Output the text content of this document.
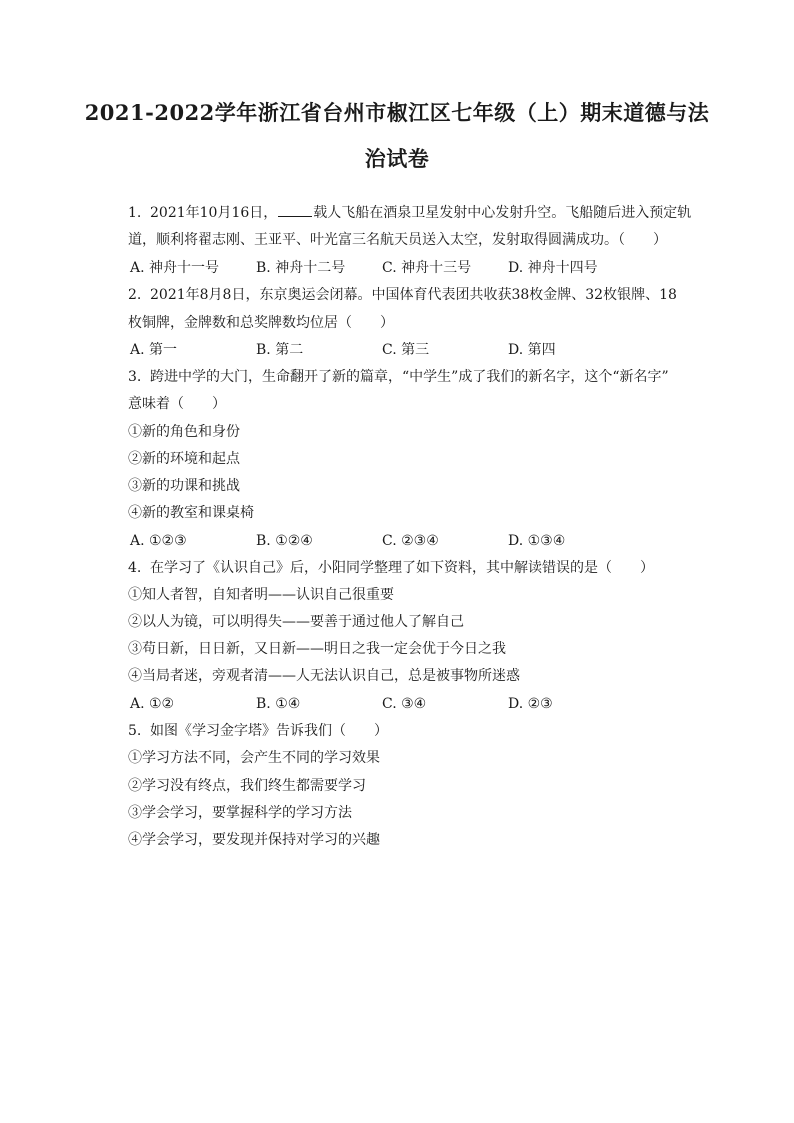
2021-2022学年浙江省台州市椒江区七年级（上）期末道德与法
治试卷
1. 2021年10月16日，	载人飞船在酒泉卫星发射中心发射升空。飞船随后进入预定轨
道，顺利将翟志刚、王亚平、叶光富三名航天员送入太空，发射取得圆满成功。（　　）
A. 神舟十一号	B. 神舟十二号	C. 神舟十三号	D. 神舟十四号
2. 2021年8月8日，东京奥运会闭幕。中国体育代表团共收获38枚金牌、32枚银牌、18
枚铜牌，金牌数和总奖牌数均位居（　　）
A. 第一	B. 第二	C. 第三	D. 第四
3. 跨进中学的大门，生命翻开了新的篇章，“中学生”成了我们的新名字，这个“新名字”
意味着（　　）
①新的角色和身份
②新的环境和起点
③新的功课和挑战
④新的教室和课桌椅
A. ①②③	B. ①②④	C. ②③④	D. ①③④
4. 在学习了《认识自己》后，小阳同学整理了如下资料，其中解读错误的是（　　）
①知人者智，自知者明——认识自己很重要
②以人为镜，可以明得失——要善于通过他人了解自己
③苟日新，日日新，又日新——明日之我一定会优于今日之我
④当局者迷，旁观者清——人无法认识自己，总是被事物所迷惑
A. ①②	B. ①④	C. ③④	D. ②③
5. 如图《学习金字塔》告诉我们（　　）
①学习方法不同，会产生不同的学习效果
②学习没有终点，我们终生都需要学习
③学会学习，要掌握科学的学习方法
④学会学习，要发现并保持对学习的兴趣
